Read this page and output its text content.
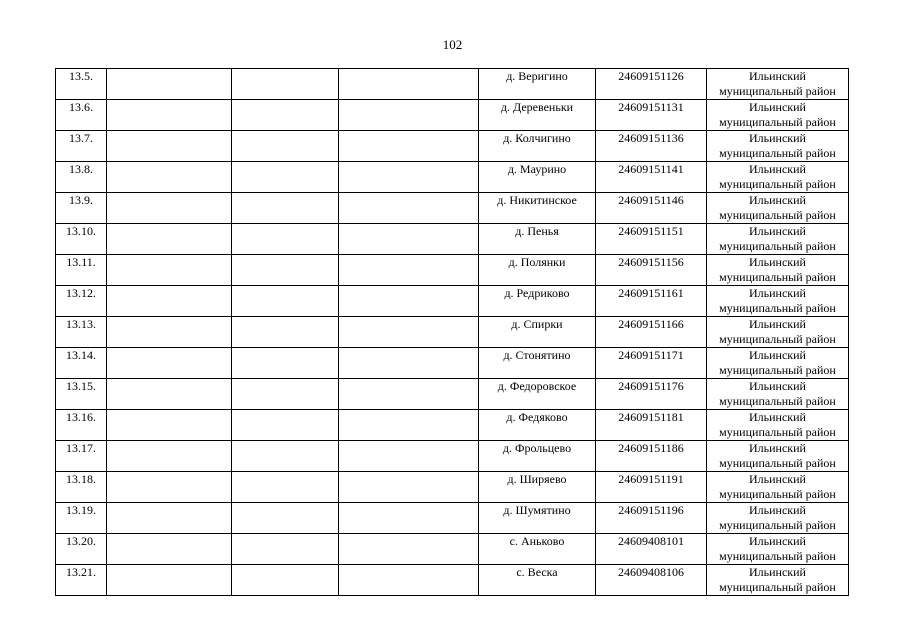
102
13.5.				д. Веригино	24609151126	Ильинский
муниципальный район

13.6.				д. Деревеньки	24609151131	Ильинский
муниципальный район

13.7.				д. Колчигино	24609151136	Ильинский
муниципальный район

13.8.				д. Маурино	24609151141	Ильинский
муниципальный район

13.9.				д. Никитинское	24609151146	Ильинский
муниципальный район

13.10.				д. Пенья	24609151151	Ильинский
муниципальный район

13.11.				д. Полянки	24609151156	Ильинский
муниципальный район

13.12.				д. Редриково	24609151161	Ильинский
муниципальный район

13.13.				д. Спирки	24609151166	Ильинский
муниципальный район

13.14.				д. Стонятино	24609151171	Ильинский
муниципальный район

13.15.				д. Федоровское	24609151176	Ильинский
муниципальный район

13.16.				д. Федяково	24609151181	Ильинский
муниципальный район

13.17.				д. Фрольцево	24609151186	Ильинский
муниципальный район

13.18.				д. Ширяево	24609151191	Ильинский
муниципальный район

13.19.				д. Шумятино	24609151196	Ильинский
муниципальный район

13.20.				с. Аньково	24609408101	Ильинский
муниципальный район

13.21.				с. Веска	24609408106	Ильинский
муниципальный район
